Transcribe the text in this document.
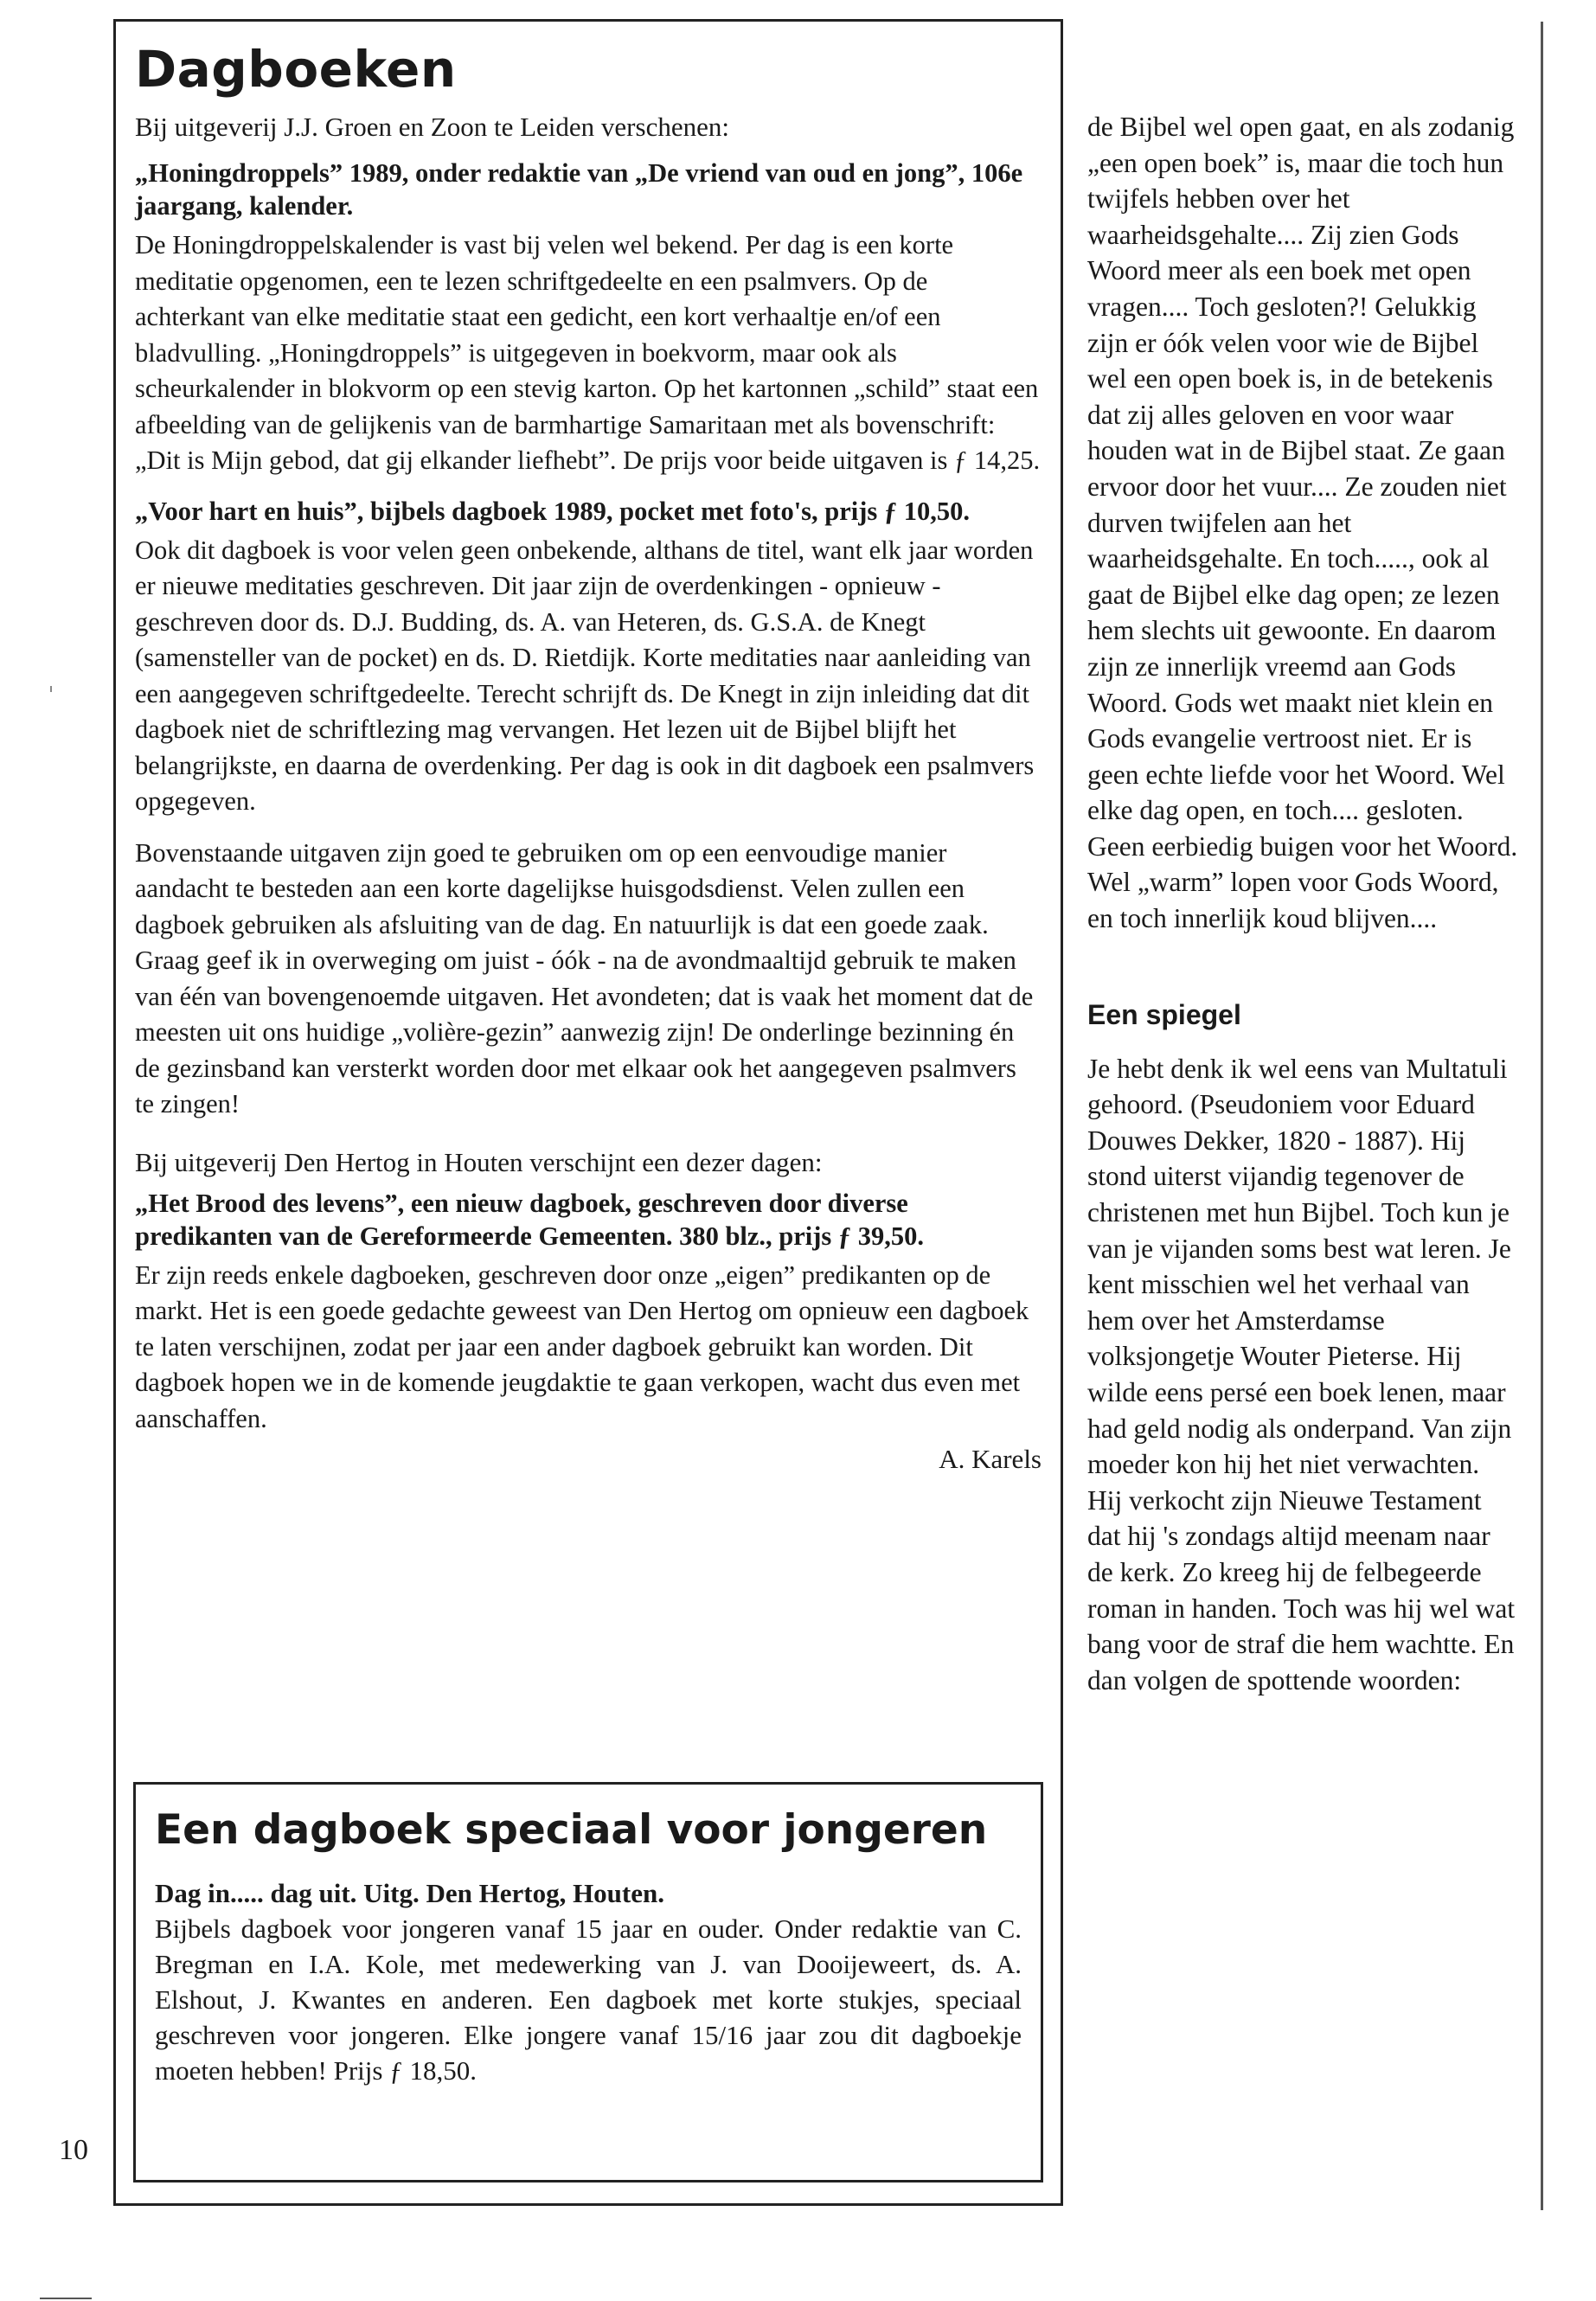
Dagboeken

Bij uitgeverij J.J. Groen en Zoon te Leiden verschenen:

„Honingdroppels” 1989, onder redaktie van „De vriend van oud en jong”, 106e jaargang, kalender.

De Honingdroppelskalender is vast bij velen wel bekend. Per dag is een korte meditatie opgenomen, een te lezen schriftgedeelte en een psalmvers. Op de achterkant van elke meditatie staat een gedicht, een kort verhaaltje en/of een bladvulling. „Honingdroppels” is uitgegeven in boekvorm, maar ook als scheurkalender in blokvorm op een stevig karton. Op het kartonnen „schild” staat een afbeelding van de gelijkenis van de barmhartige Samaritaan met als bovenschrift: „Dit is Mijn gebod, dat gij elkander liefhebt”. De prijs voor beide uitgaven is ƒ 14,25.

„Voor hart en huis”, bijbels dagboek 1989, pocket met foto's, prijs ƒ 10,50.

Ook dit dagboek is voor velen geen onbekende, althans de titel, want elk jaar worden er nieuwe meditaties geschreven. Dit jaar zijn de overdenkingen - opnieuw - geschreven door ds. D.J. Budding, ds. A. van Heteren, ds. G.S.A. de Knegt (samensteller van de pocket) en ds. D. Rietdijk. Korte meditaties naar aanleiding van een aangegeven schriftgedeelte. Terecht schrijft ds. De Knegt in zijn inleiding dat dit dagboek niet de schriftlezing mag vervangen. Het lezen uit de Bijbel blijft het belangrijkste, en daarna de overdenking. Per dag is ook in dit dagboek een psalmvers opgegeven.

Bovenstaande uitgaven zijn goed te gebruiken om op een eenvoudige manier aandacht te besteden aan een korte dagelijkse huisgodsdienst. Velen zullen een dagboek gebruiken als afsluiting van de dag. En natuurlijk is dat een goede zaak. Graag geef ik in overweging om juist - óók - na de avondmaaltijd gebruik te maken van één van bovengenoemde uitgaven. Het avondeten; dat is vaak het moment dat de meesten uit ons huidige „volière-gezin” aanwezig zijn! De onderlinge bezinning én de gezinsband kan versterkt worden door met elkaar ook het aangegeven psalmvers te zingen!

Bij uitgeverij Den Hertog in Houten verschijnt een dezer dagen:

„Het Brood des levens”, een nieuw dagboek, geschreven door diverse predikanten van de Gereformeerde Gemeenten. 380 blz., prijs ƒ 39,50.

Er zijn reeds enkele dagboeken, geschreven door onze „eigen” predikanten op de markt. Het is een goede gedachte geweest van Den Hertog om opnieuw een dagboek te laten verschijnen, zodat per jaar een ander dagboek gebruikt kan worden. Dit dagboek hopen we in de komende jeugdaktie te gaan verkopen, wacht dus even met aanschaffen.

A. Karels

Een dagboek speciaal voor jongeren

Dag in..... dag uit. Uitg. Den Hertog, Houten.

Bijbels dagboek voor jongeren vanaf 15 jaar en ouder. Onder redaktie van C. Bregman en I.A. Kole, met medewerking van J. van Dooijeweert, ds. A. Elshout, J. Kwantes en anderen. Een dagboek met korte stukjes, speciaal geschreven voor jongeren. Elke jongere vanaf 15/16 jaar zou dit dagboekje moeten hebben! Prijs ƒ 18,50.

de Bijbel wel open gaat, en als zodanig „een open boek” is, maar die toch hun twijfels hebben over het waarheidsgehalte.... Zij zien Gods Woord meer als een boek met open vragen.... Toch gesloten?! Gelukkig zijn er óók velen voor wie de Bijbel wel een open boek is, in de betekenis dat zij alles geloven en voor waar houden wat in de Bijbel staat. Ze gaan ervoor door het vuur.... Ze zouden niet durven twijfelen aan het waarheidsgehalte. En toch....., ook al gaat de Bijbel elke dag open; ze lezen hem slechts uit gewoonte. En daarom zijn ze innerlijk vreemd aan Gods Woord. Gods wet maakt niet klein en Gods evangelie vertroost niet. Er is geen echte liefde voor het Woord. Wel elke dag open, en toch.... gesloten. Geen eerbiedig buigen voor het Woord. Wel „warm” lopen voor Gods Woord, en toch innerlijk koud blijven....

Een spiegel

Je hebt denk ik wel eens van Multatuli gehoord. (Pseudoniem voor Eduard Douwes Dekker, 1820 - 1887). Hij stond uiterst vijandig tegenover de christenen met hun Bijbel. Toch kun je van je vijanden soms best wat leren. Je kent misschien wel het verhaal van hem over het Amsterdamse volksjongetje Wouter Pieterse. Hij wilde eens persé een boek lenen, maar had geld nodig als onderpand. Van zijn moeder kon hij het niet verwachten. Hij verkocht zijn Nieuwe Testament dat hij 's zondags altijd meenam naar de kerk. Zo kreeg hij de felbegeerde roman in handen. Toch was hij wel wat bang voor de straf die hem wachtte. En dan volgen de spottende woorden:

10
